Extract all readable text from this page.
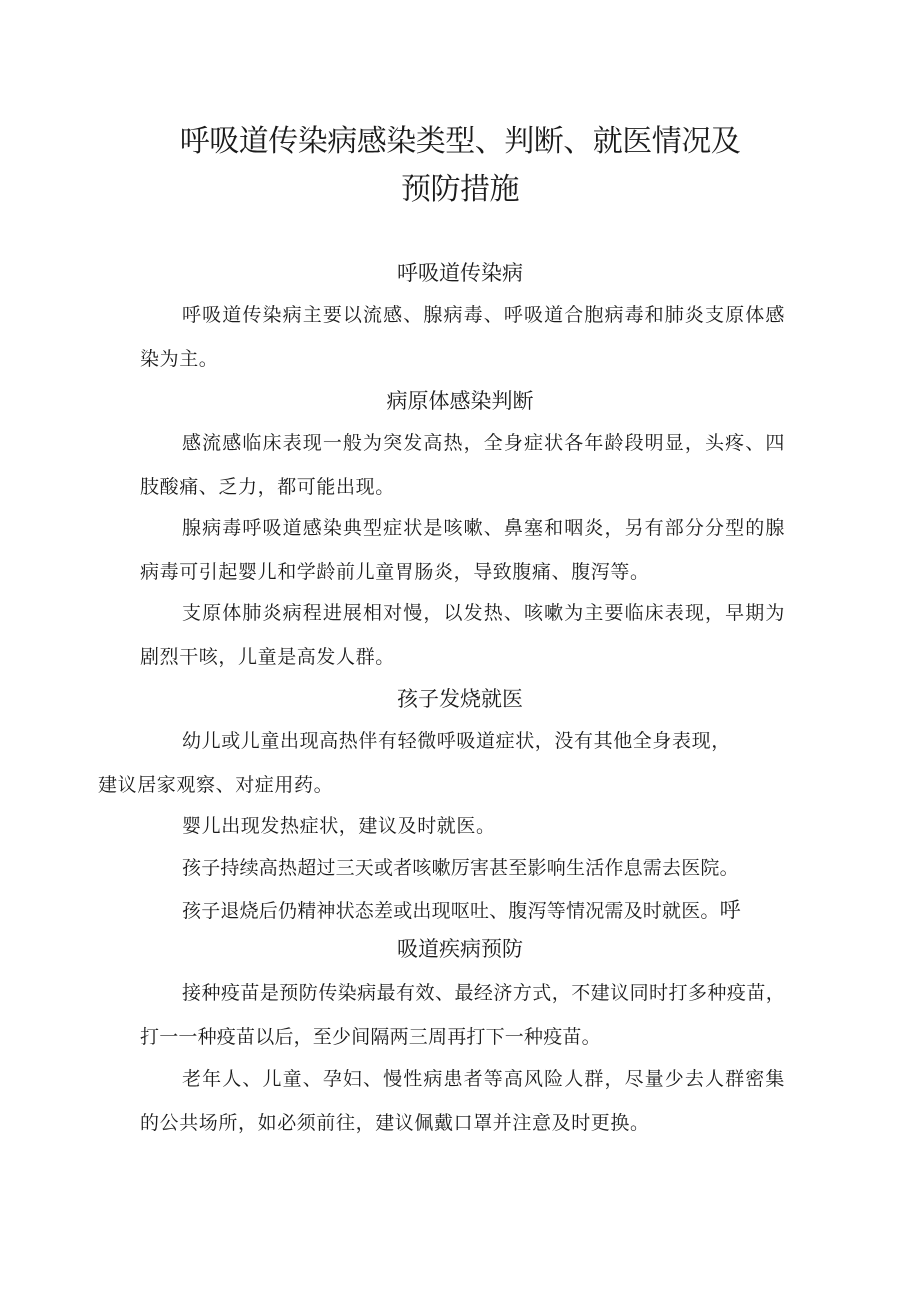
呼吸道传染病感染类型、判断、就医情况及
预防措施
呼吸道传染病

呼吸道传染病主要以流感、腺病毒、呼吸道合胞病毒和肺炎支原体感染为主。

病原体感染判断

感流感临床表现一般为突发高热，全身症状各年龄段明显，头疼、四肢酸痛、乏力，都可能出现。

腺病毒呼吸道感染典型症状是咳嗽、鼻塞和咽炎，另有部分分型的腺病毒可引起婴儿和学龄前儿童胃肠炎，导致腹痛、腹泻等。

支原体肺炎病程进展相对慢，以发热、咳嗽为主要临床表现，早期为剧烈干咳，儿童是高发人群。

孩子发烧就医

幼儿或儿童出现高热伴有轻微呼吸道症状，没有其他全身表现，
建议居家观察、对症用药。

婴儿出现发热症状，建议及时就医。

孩子持续高热超过三天或者咳嗽厉害甚至影响生活作息需去医院。

孩子退烧后仍精神状态差或出现呕吐、腹泻等情况需及时就医。呼

吸道疾病预防

接种疫苗是预防传染病最有效、最经济方式，不建议同时打多种疫苗，打一一种疫苗以后，至少间隔两三周再打下一种疫苗。

老年人、儿童、孕妇、慢性病患者等高风险人群，尽量少去人群密集的公共场所，如必须前往，建议佩戴口罩并注意及时更换。
